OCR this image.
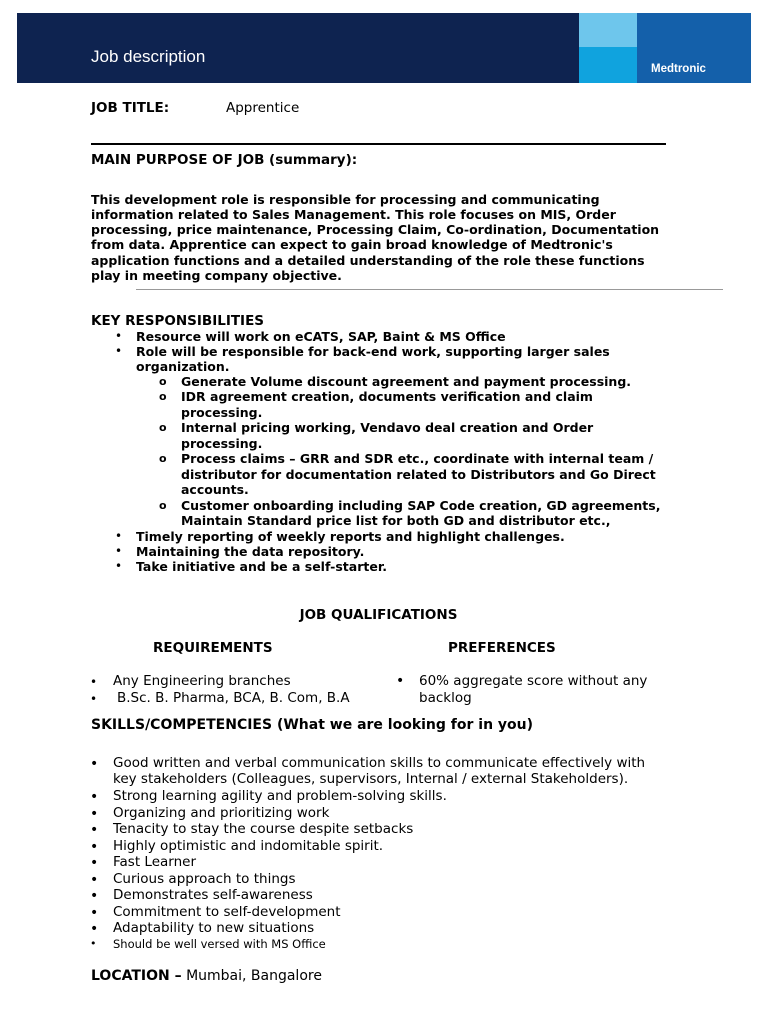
Job description
Medtronic
JOB TITLE:	Apprentice
MAIN PURPOSE OF JOB (summary):
This development role is responsible for processing and communicating
information related to Sales Management. This role focuses on MIS, Order
processing, price maintenance, Processing Claim, Co-ordination, Documentation
from data. Apprentice can expect to gain broad knowledge of Medtronic's
application functions and a detailed understanding of the role these functions
play in meeting company objective.
KEY RESPONSIBILITIES
• Resource will work on eCATS, SAP, Baint & MS Office
• Role will be responsible for back-end work, supporting larger sales
organization.
o Generate Volume discount agreement and payment processing.
o IDR agreement creation, documents verification and claim
processing.
o Internal pricing working, Vendavo deal creation and Order
processing.
o Process claims – GRR and SDR etc., coordinate with internal team /
distributor for documentation related to Distributors and Go Direct
accounts.
o Customer onboarding including SAP Code creation, GD agreements,
Maintain Standard price list for both GD and distributor etc.,
• Timely reporting of weekly reports and highlight challenges.
• Maintaining the data repository.
• Take initiative and be a self-starter.
JOB QUALIFICATIONS
REQUIREMENTS	PREFERENCES
• Any Engineering branches
• B.Sc. B. Pharma, BCA, B. Com, B.A
• 60% aggregate score without any
backlog
SKILLS/COMPETENCIES (What we are looking for in you)
• Good written and verbal communication skills to communicate effectively with
key stakeholders (Colleagues, supervisors, Internal / external Stakeholders).
• Strong learning agility and problem-solving skills.
• Organizing and prioritizing work
• Tenacity to stay the course despite setbacks
• Highly optimistic and indomitable spirit.
• Fast Learner
• Curious approach to things
• Demonstrates self-awareness
• Commitment to self-development
• Adaptability to new situations
• Should be well versed with MS Office
LOCATION – Mumbai, Bangalore
